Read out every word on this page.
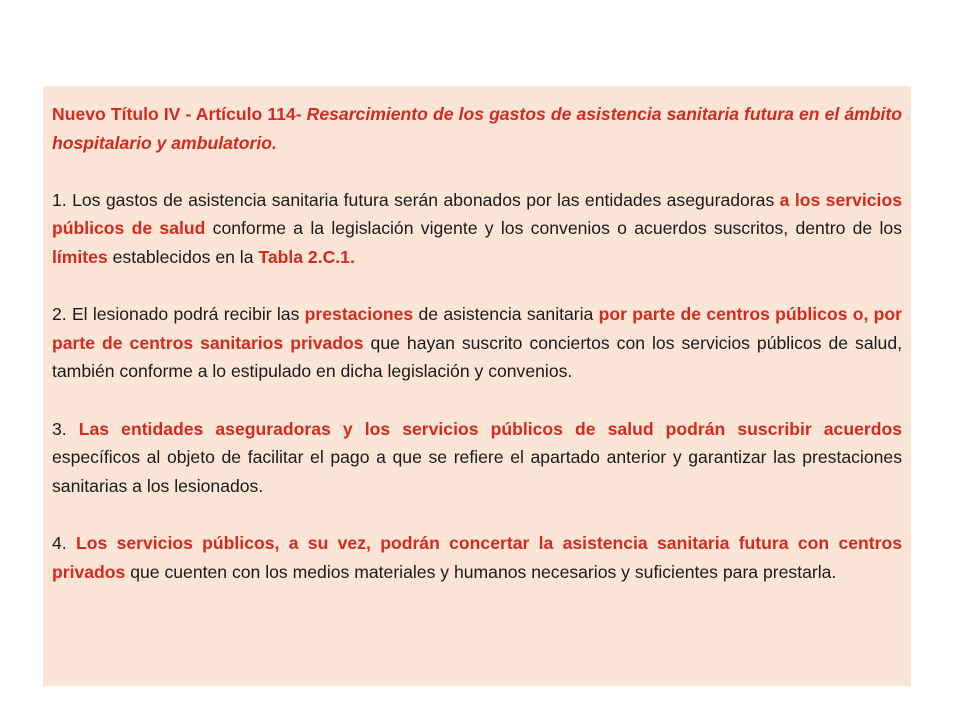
Nuevo Título IV - Artículo 114- Resarcimiento de los gastos de asistencia sanitaria futura en el ámbito hospitalario y ambulatorio.

1. Los gastos de asistencia sanitaria futura serán abonados por las entidades aseguradoras a los servicios públicos de salud conforme a la legislación vigente y los convenios o acuerdos suscritos, dentro de los límites establecidos en la Tabla 2.C.1.

2. El lesionado podrá recibir las prestaciones de asistencia sanitaria por parte de centros públicos o, por parte de centros sanitarios privados que hayan suscrito conciertos con los servicios públicos de salud, también conforme a lo estipulado en dicha legislación y convenios.

3. Las entidades aseguradoras y los servicios públicos de salud podrán suscribir acuerdos específicos al objeto de facilitar el pago a que se refiere el apartado anterior y garantizar las prestaciones sanitarias a los lesionados.

4. Los servicios públicos, a su vez, podrán concertar la asistencia sanitaria futura con centros privados que cuenten con los medios materiales y humanos necesarios y suficientes para prestarla.
